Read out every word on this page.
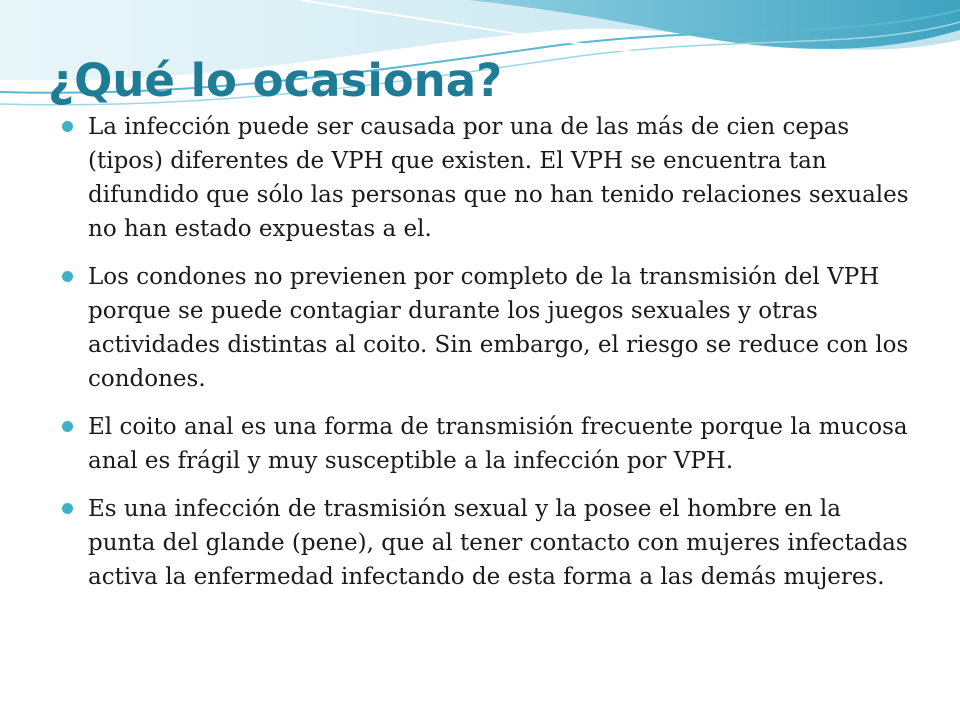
¿Qué lo ocasiona?
La infección puede ser causada por una de las más de cien cepas (tipos) diferentes de VPH que existen. El VPH se encuentra tan difundido que sólo las personas que no han tenido relaciones sexuales no han estado expuestas a el.
Los condones no previenen por completo de la transmisión del VPH porque se puede contagiar durante los juegos sexuales y otras actividades distintas al coito. Sin embargo, el riesgo se reduce con los condones.
El coito anal es una forma de transmisión frecuente porque la mucosa anal es frágil y muy susceptible a la infección por VPH.
Es una infección de trasmisión sexual y la posee el hombre en la punta del glande (pene), que al tener contacto con mujeres infectadas activa la enfermedad infectando de esta forma a las demás mujeres.
